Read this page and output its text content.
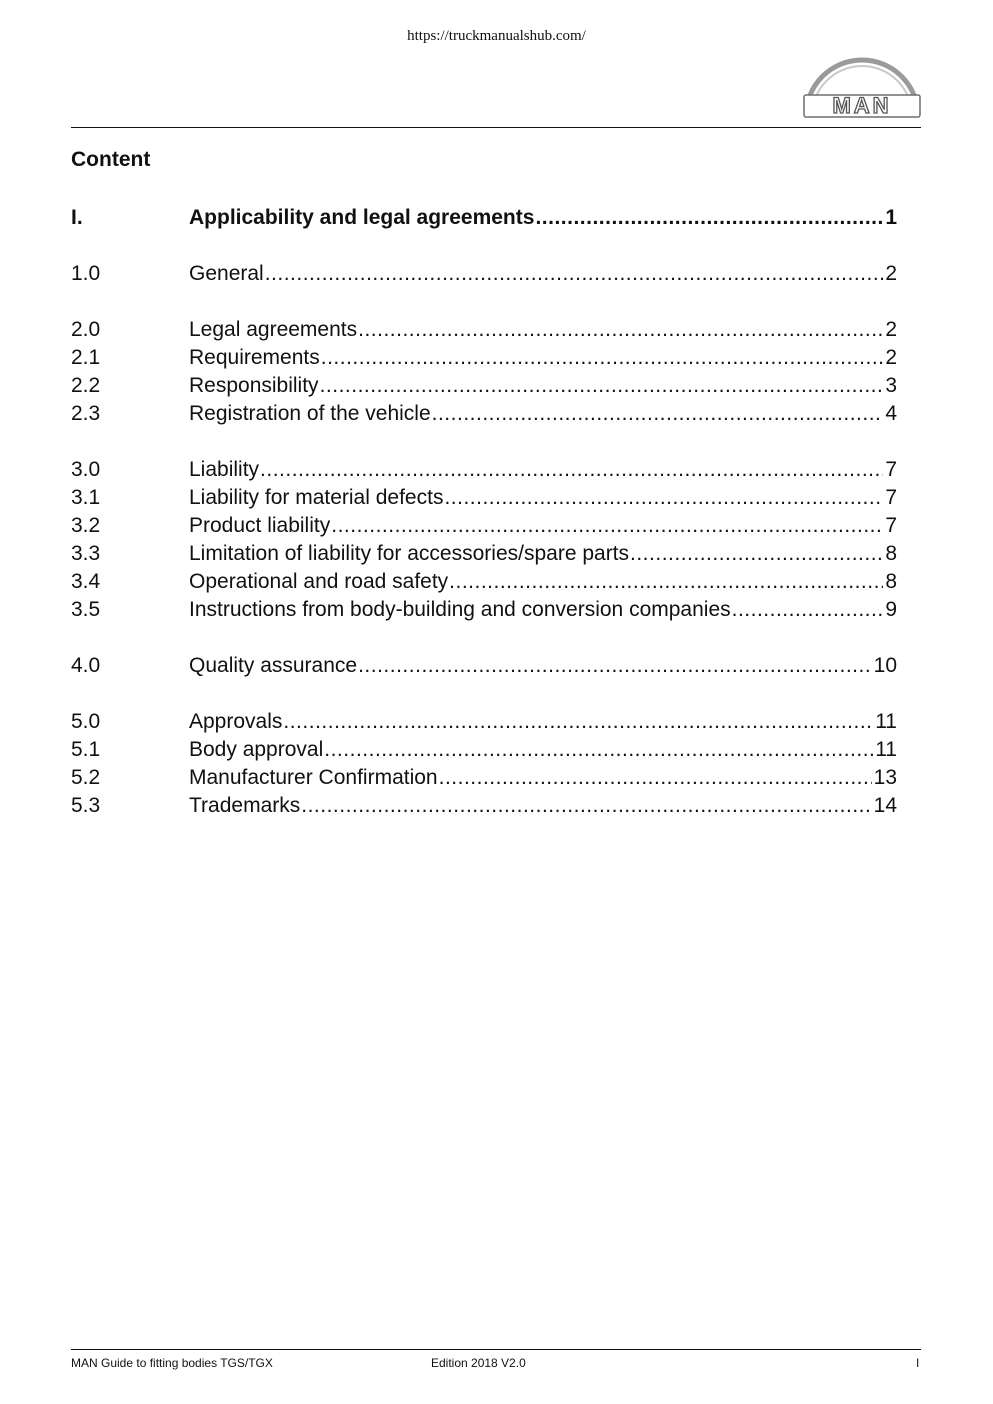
https://truckmanualshub.com/
MAN
Content
I.	Applicability and legal agreements .....	1
1.0	General .....	2
2.0	Legal agreements .....	2
2.1	Requirements .....	2
2.2	Responsibility .....	3
2.3	Registration of the vehicle .....	4
3.0	Liability .....	7
3.1	Liability for material defects .....	7
3.2	Product liability .....	7
3.3	Limitation of liability for accessories/spare parts .....	8
3.4	Operational and road safety .....	8
3.5	Instructions from body-building and conversion companies .....	9
4.0	Quality assurance .....	10
5.0	Approvals .....	11
5.1	Body approval .....	11
5.2	Manufacturer Confirmation .....	13
5.3	Trademarks .....	14
MAN Guide to fitting bodies TGS/TGX	Edition 2018 V2.0	I
